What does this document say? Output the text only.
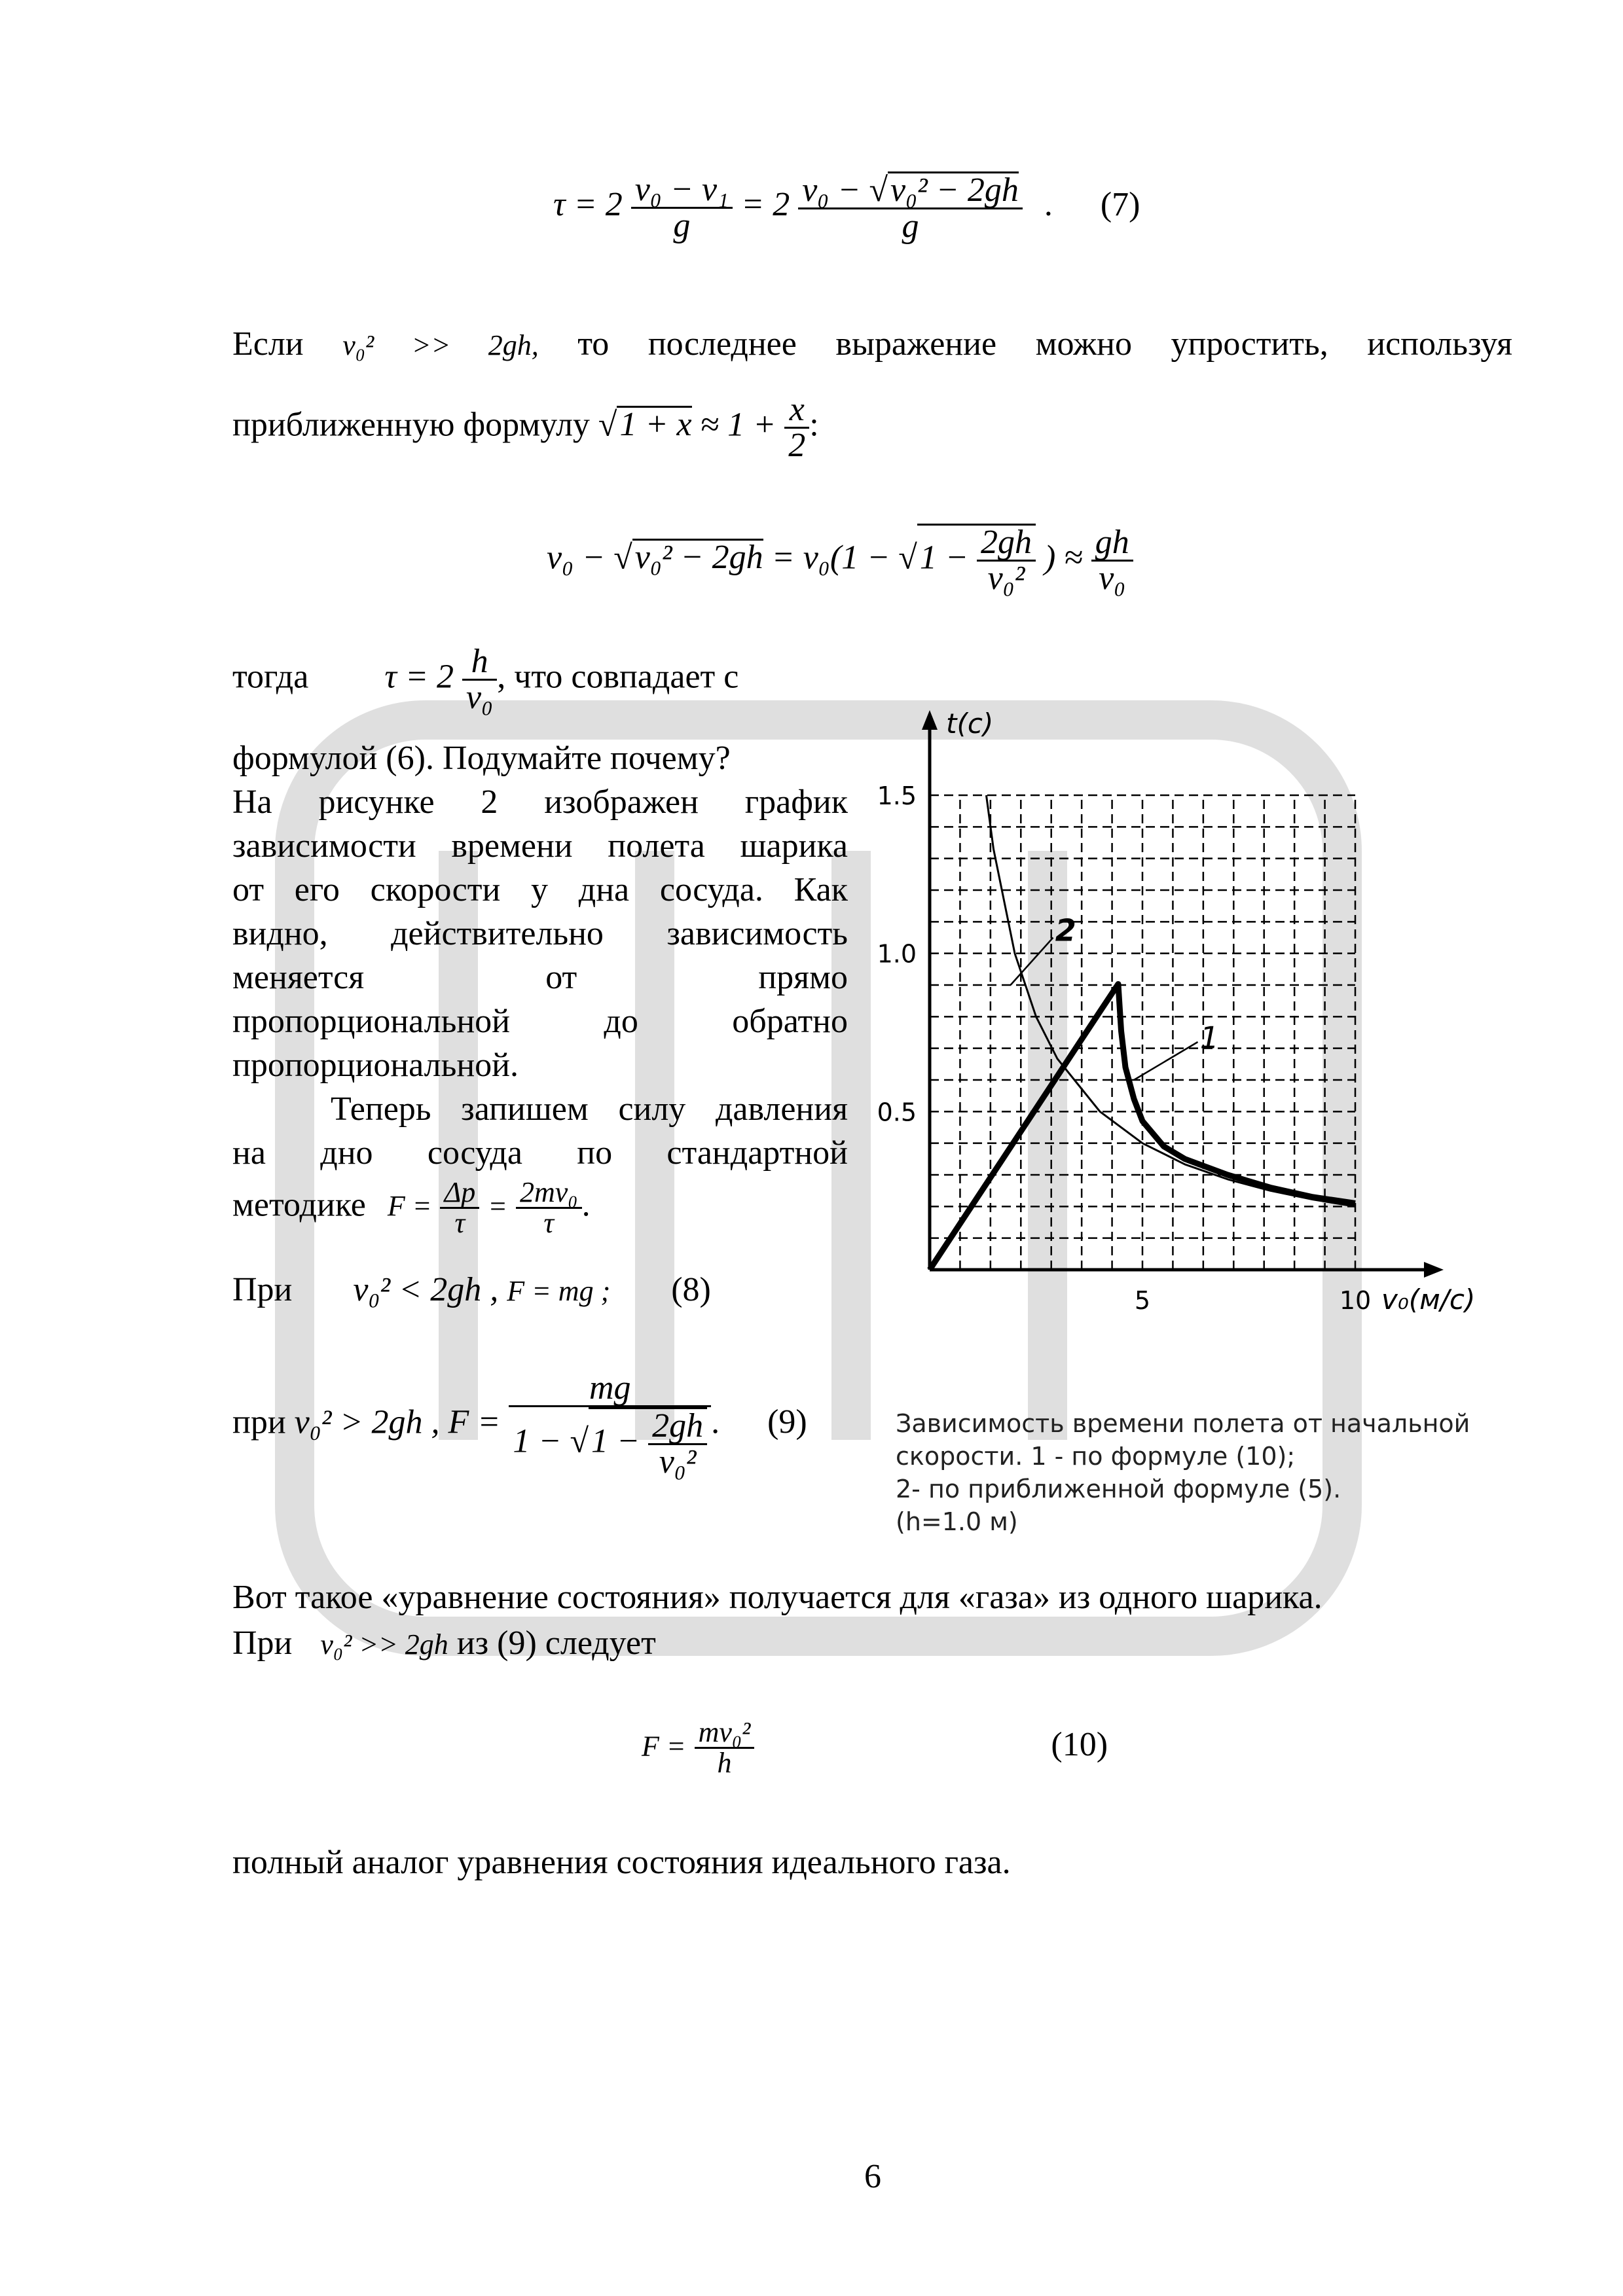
$\tau = 2 \frac{\text{v₀ − v₁}}{g} = 2 \frac{\text{v₀ − √v₀² − 2gh}}{g}$ . (7)
Если v₀² >> 2gh, то последнее выражение можно упростить, используя
приближенную формулу $√1 + x \approx 1 + \frac{x}{2}$ :
$v_0 - √v_0^2 - 2gh = v_0(1 - √1 - \frac{2gh}{\text{v₀²}}$ ) ≈ $\frac{gh}{\text{v₀}}$
тогда $\tau = 2 \frac{h}{\text{v₀}}$ , что совпадает с
формулой (6). Подумайте почему?
На рисунке 2 изображен график
зависимости времени полета шарика
от его скорости у дна сосуда. Как
видно, действительно зависимость
меняется от прямо
пропорциональной до обратно
пропорциональной.
Теперь запишем силу давления
на дно сосуда по стандартной
методике $F = \frac{\Delta p}{\tau} = \frac{\text{2mv₀}}{\tau}$ .
При v₀² < 2gh , F = mg ; (8)
при v₀² > 2gh , $F = \frac{mg}{1 - √1 - \frac{2gh}{\text{v₀²}}}$ . (9)
t(c)
v₀(м/с)
0.5
1.0
1.5
5	10
2
1
Зависимость времени полета от начальной
скорости. 1 - по формуле (10);
2- по приближенной формуле (5).
(h=1.0 м)
Вот такое «уравнение состояния» получается для «газа» из одного шарика.
При v₀² >> 2gh из (9) следует
$F = \frac{\text{mv₀²}}{h}$	(10)
полный аналог уравнения состояния идеального газа.
6
